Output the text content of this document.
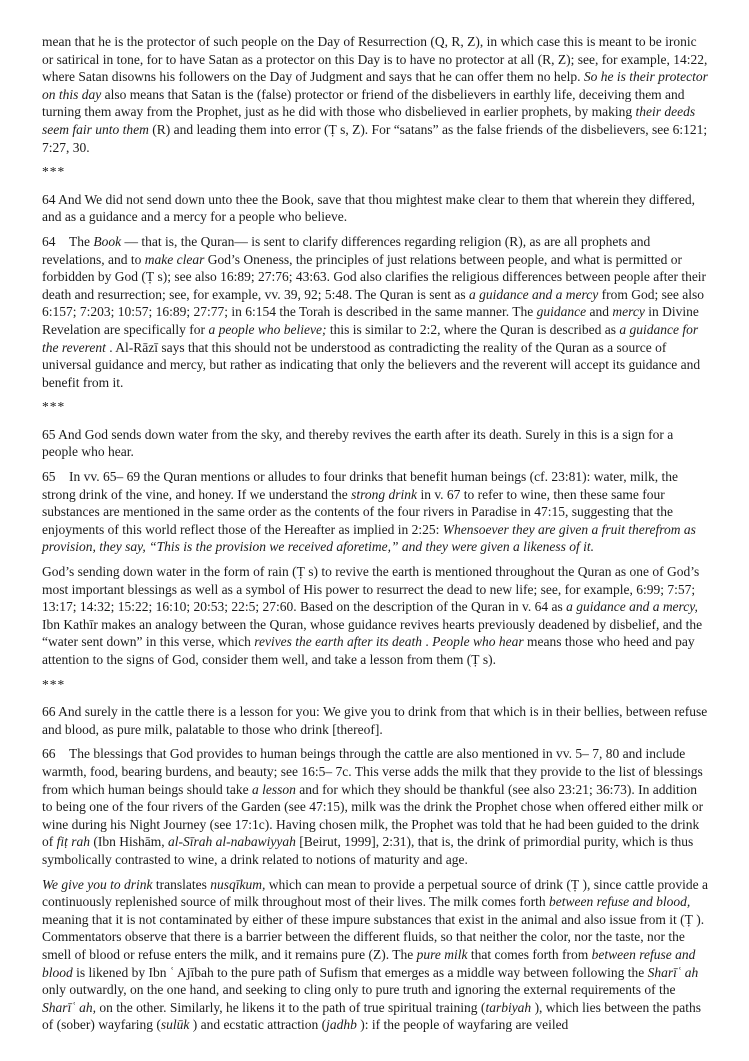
mean that he is the protector of such people on the Day of Resurrection (Q, R, Z), in which case this is meant to be ironic or satirical in tone, for to have Satan as a protector on this Day is to have no protector at all (R, Z); see, for example, 14:22, where Satan disowns his followers on the Day of Judgment and says that he can offer them no help. So he is their protector on this day also means that Satan is the (false) protector or friend of the disbelievers in earthly life, deceiving them and turning them away from the Prophet, just as he did with those who disbelieved in earlier prophets, by making their deeds seem fair unto them (R) and leading them into error (Ṭ s, Z). For “satans” as the false friends of the disbelievers, see 6:121; 7:27, 30.

***

64 And We did not send down unto thee the Book, save that thou mightest make clear to them that wherein they differed, and as a guidance and a mercy for a people who believe.

64 The Book — that is, the Quran— is sent to clarify differences regarding religion (R), as are all prophets and revelations, and to make clear God’s Oneness, the principles of just relations between people, and what is permitted or forbidden by God (Ṭ s); see also 16:89; 27:76; 43:63. God also clarifies the religious differences between people after their death and resurrection; see, for example, vv. 39, 92; 5:48. The Quran is sent as a guidance and a mercy from God; see also 6:157; 7:203; 10:57; 16:89; 27:77; in 6:154 the Torah is described in the same manner. The guidance and mercy in Divine Revelation are specifically for a people who believe; this is similar to 2:2, where the Quran is described as a guidance for the reverent . Al-Rāzī says that this should not be understood as contradicting the reality of the Quran as a source of universal guidance and mercy, but rather as indicating that only the believers and the reverent will accept its guidance and benefit from it.

***

65 And God sends down water from the sky, and thereby revives the earth after its death. Surely in this is a sign for a people who hear.

65 In vv. 65– 69 the Quran mentions or alludes to four drinks that benefit human beings (cf. 23:81): water, milk, the strong drink of the vine, and honey. If we understand the strong drink in v. 67 to refer to wine, then these same four substances are mentioned in the same order as the contents of the four rivers in Paradise in 47:15, suggesting that the enjoyments of this world reflect those of the Hereafter as implied in 2:25: Whensoever they are given a fruit therefrom as provision, they say, “This is the provision we received aforetime,” and they were given a likeness of it.

God’s sending down water in the form of rain (Ṭ s) to revive the earth is mentioned throughout the Quran as one of God’s most important blessings as well as a symbol of His power to resurrect the dead to new life; see, for example, 6:99; 7:57; 13:17; 14:32; 15:22; 16:10; 20:53; 22:5; 27:60. Based on the description of the Quran in v. 64 as a guidance and a mercy, Ibn Kathīr makes an analogy between the Quran, whose guidance revives hearts previously deadened by disbelief, and the “water sent down” in this verse, which revives the earth after its death . People who hear means those who heed and pay attention to the signs of God, consider them well, and take a lesson from them (Ṭ s).

***

66 And surely in the cattle there is a lesson for you: We give you to drink from that which is in their bellies, between refuse and blood, as pure milk, palatable to those who drink [thereof].

66 The blessings that God provides to human beings through the cattle are also mentioned in vv. 5– 7, 80 and include warmth, food, bearing burdens, and beauty; see 16:5– 7c. This verse adds the milk that they provide to the list of blessings from which human beings should take a lesson and for which they should be thankful (see also 23:21; 36:73). In addition to being one of the four rivers of the Garden (see 47:15), milk was the drink the Prophet chose when offered either milk or wine during his Night Journey (see 17:1c). Having chosen milk, the Prophet was told that he had been guided to the drink of fiṭ rah (Ibn Hishām, al-Sīrah al-nabawiyyah [Beirut, 1999], 2:31), that is, the drink of primordial purity, which is thus symbolically contrasted to wine, a drink related to notions of maturity and age.

We give you to drink translates nusqīkum, which can mean to provide a perpetual source of drink (Ṭ ), since cattle provide a continuously replenished source of milk throughout most of their lives. The milk comes forth between refuse and blood, meaning that it is not contaminated by either of these impure substances that exist in the animal and also issue from it (Ṭ ). Commentators observe that there is a barrier between the different fluids, so that neither the color, nor the taste, nor the smell of blood or refuse enters the milk, and it remains pure (Z). The pure milk that comes forth from between refuse and blood is likened by Ibn ʿ Ajībah to the pure path of Sufism that emerges as a middle way between following the Sharīʿ ah only outwardly, on the one hand, and seeking to cling only to pure truth and ignoring the external requirements of the Sharīʿ ah, on the other. Similarly, he likens it to the path of true spiritual training (tarbiyah ), which lies between the paths of (sober) wayfaring (sulūk ) and ecstatic attraction (jadhb ): if the people of wayfaring are veiled
